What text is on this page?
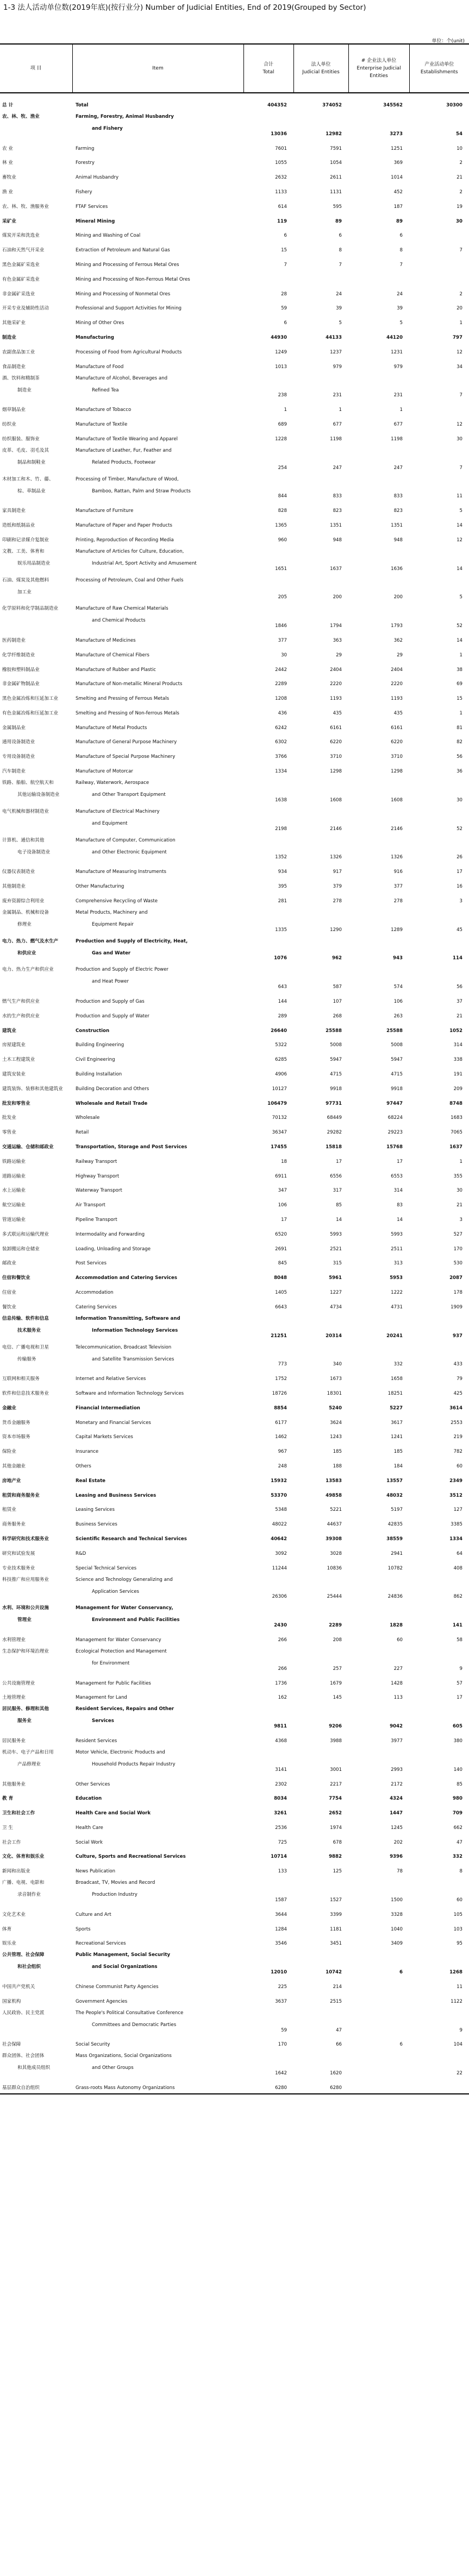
1-3 法人活动单位数(2019年底)(按行业分) Number of Judicial Entities, End of 2019(Grouped by Sector)
单位：个(unit)
项 目	Item	合计
Total	法人单位
Judicial Entities	# 企业法人单位
Enterprise Judicial Entities	产业活动单位
Establishments
总 计	Total	404352	374052	345562	30300
农、林、牧、渔业	Farming, Forestry, Animal Husbandry
and Fishery	13036	12982	3273	54
农 业	Farming	7601	7591	1251	10
林 业	Forestry	1055	1054	369	2
畜牧业	Animal Husbandry	2632	2611	1014	21
渔 业	Fishery	1133	1131	452	2
农、林、牧、渔服务业	FTAF Services	614	595	187	19
采矿业	Mineral Mining	119	89	89	30
煤炭开采和洗选业	Mining and Washing of Coal	6	6	6	
石油和天然气开采业	Extraction of Petroleum and Natural Gas	15	8	8	7
黑色金属矿采选业	Mining and Processing of Ferrous Metal Ores	7	7	7	
有色金属矿采选业	Mining and Processing of Non-Ferrous Metal Ores				
非金属矿采选业	Mining and Processing of Nonmetal Ores	28	24	24	2
开采专业及辅助性活动	Professional and Support Activities for Mining	59	39	39	20
其他采矿业	Mining of Other Ores	6	5	5	1
制造业	Manufacturing	44930	44133	44120	797
农副食品加工业	Processing of Food from Agricultural Products	1249	1237	1231	12
食品制造业	Manufacture of Food	1013	979	979	34
酒、饮料和精制茶
制造业	Manufacture of Alcohol, Beverages and
Refined Tea	238	231	231	7
烟草制品业	Manufacture of Tobacco	1	1	1	
纺织业	Manufacture of Textile	689	677	677	12
纺织服装、服饰业	Manufacture of Textile Wearing and Apparel	1228	1198	1198	30
皮革、毛皮、羽毛及其
制品和制鞋业	Manufacture of Leather, Fur, Feather and
Related Products, Footwear	254	247	247	7
木材加工和木、竹、藤、
棕、草制品业	Processing of Timber, Manufacture of Wood,
Bamboo, Rattan, Palm and Straw Products	844	833	833	11
家具制造业	Manufacture of Furniture	828	823	823	5
造纸和纸制品业	Manufacture of Paper and Paper Products	1365	1351	1351	14
印刷和记录媒介复制业	Printing, Reproduction of Recording Media	960	948	948	12
文教、工美、体育和
娱乐用品制造业	Manufacture of Articles for Culture, Education,
Industrial Art, Sport Activity and Amusement	1651	1637	1636	14
石油、煤炭及其他燃料
加工业	Processing of Petroleum, Coal and Other Fuels	205	200	200	5
化学原料和化学制品制造业	Manufacture of Raw Chemical Materials
and Chemical Products	1846	1794	1793	52
医药制造业	Manufacture of Medicines	377	363	362	14
化学纤维制造业	Manufacture of Chemical Fibers	30	29	29	1
橡胶和塑料制品业	Manufacture of Rubber and Plastic	2442	2404	2404	38
非金属矿物制品业	Manufacture of Non-metallic Mineral Products	2289	2220	2220	69
黑色金属冶炼和压延加工业	Smelting and Pressing of Ferrous Metals	1208	1193	1193	15
有色金属冶炼和压延加工业	Smelting and Pressing of Non-ferrous Metals	436	435	435	1
金属制品业	Manufacture of Metal Products	6242	6161	6161	81
通用设备制造业	Manufacture of General Purpose Machinery	6302	6220	6220	82
专用设备制造业	Manufacture of Special Purpose Machinery	3766	3710	3710	56
汽车制造业	Manufacture of Motorcar	1334	1298	1298	36
铁路、船舶、航空航天和
其他运输设备制造业	Railway, Waterwork, Aerospace
and Other Transport Equipment	1638	1608	1608	30
电气机械和器材制造业	Manufacture of Electrical Machinery
and Equipment	2198	2146	2146	52
计算机、通信和其他
电子设备制造业	Manufacture of Computer, Communication
and Other Electronic Equipment	1352	1326	1326	26
仪器仪表制造业	Manufacture of Measuring Instruments	934	917	916	17
其他制造业	Other Manufacturing	395	379	377	16
废弃资源综合利用业	Comprehensive Recycling of Waste	281	278	278	3
金属制品、机械和设备
修理业	Metal Products, Machinery and
Equipment Repair	1335	1290	1289	45
电力、热力、燃气及水生产
和供应业	Production and Supply of Electricity, Heat,
Gas and Water	1076	962	943	114
电力、热力生产和供应业	Production and Supply of Electric Power
and Heat Power	643	587	574	56
燃气生产和供应业	Production and Supply of Gas	144	107	106	37
水的生产和供应业	Production and Supply of Water	289	268	263	21
建筑业	Construction	26640	25588	25588	1052
房屋建筑业	Building Engineering	5322	5008	5008	314
土木工程建筑业	Civil Engineering	6285	5947	5947	338
建筑安装业	Building Installation	4906	4715	4715	191
建筑装饰、装修和其他建筑业	Building Decoration and Others	10127	9918	9918	209
批发和零售业	Wholesale and Retail Trade	106479	97731	97447	8748
批发业	Wholesale	70132	68449	68224	1683
零售业	Retail	36347	29282	29223	7065
交通运输、仓储和邮政业	Transportation, Storage and Post Services	17455	15818	15768	1637
铁路运输业	Railway Transport	18	17	17	1
道路运输业	Highway Transport	6911	6556	6553	355
水上运输业	Waterway Transport	347	317	314	30
航空运输业	Air Transport	106	85	83	21
管道运输业	Pipeline Transport	17	14	14	3
多式联运和运输代理业	Intermodality and Forwarding	6520	5993	5993	527
装卸搬运和仓储业	Loading, Unloading and Storage	2691	2521	2511	170
邮政业	Post Services	845	315	313	530
住宿和餐饮业	Accommodation and Catering Services	8048	5961	5953	2087
住宿业	Accommodation	1405	1227	1222	178
餐饮业	Catering Services	6643	4734	4731	1909
信息传输、软件和信息
技术服务业	Information Transmitting, Software and
Information Technology Services	21251	20314	20241	937
电信、广播电视和卫星
传输服务	Telecommunication, Broadcast Television
and Satellite Transmission Services	773	340	332	433
互联网和相关服务	Internet and Relative Services	1752	1673	1658	79
软件和信息技术服务业	Software and Information Technology Services	18726	18301	18251	425
金融业	Financial Intermediation	8854	5240	5227	3614
货币金融服务	Monetary and Financial Services	6177	3624	3617	2553
资本市场服务	Capital Markets Services	1462	1243	1241	219
保险业	Insurance	967	185	185	782
其他金融业	Others	248	188	184	60
房地产业	Real Estate	15932	13583	13557	2349
租赁和商务服务业	Leasing and Business Services	53370	49858	48032	3512
租赁业	Leasing Services	5348	5221	5197	127
商务服务业	Business Services	48022	44637	42835	3385
科学研究和技术服务业	Scientific Research and Technical Services	40642	39308	38559	1334
研究和试验发展	R&D	3092	3028	2941	64
专业技术服务业	Special Technical Services	11244	10836	10782	408
科技推广和应用服务业	Science and Technology Generalizing and
Application Services	26306	25444	24836	862
水利、环境和公共设施
管理业	Management for Water Conservancy,
Environment and Public Facilities	2430	2289	1828	141
水利管理业	Management for Water Conservancy	266	208	60	58
生态保护和环境治理业	Ecological Protection and Management
for Environment	266	257	227	9
公共设施管理业	Management for Public Facilities	1736	1679	1428	57
土地管理业	Management for Land	162	145	113	17
居民服务、修理和其他
服务业	Resident Services, Repairs and Other
Services	9811	9206	9042	605
居民服务业	Resident Services	4368	3988	3977	380
机动车、电子产品和日用
产品修理业	Motor Vehicle, Electronic Products and
Household Products Repair Industry	3141	3001	2993	140
其他服务业	Other Services	2302	2217	2172	85
教 育	Education	8034	7754	4324	980
卫生和社会工作	Health Care and Social Work	3261	2652	1447	709
卫 生	Health Care	2536	1974	1245	662
社会工作	Social Work	725	678	202	47
文化、体育和娱乐业	Culture, Sports and Recreational Services	10714	9882	9396	332
新闻和出版业	News Publication	133	125	78	8
广播、电视、电影和
录音制作业	Broadcast, TV, Movies and Record
Production Industry	1587	1527	1500	60
文化艺术业	Culture and Art	3644	3399	3328	105
体育	Sports	1284	1181	1040	103
娱乐业	Recreational Services	3546	3451	3409	95
公共管理、社会保障
和社会组织	Public Management, Social Security
and Social Organizations	12010	10742	6	1268
中国共产党机关	Chinese Communist Party Agencies	225	214		11
国家机构	Government Agencies	3637	2515		1122
人民政协、民主党派	The People's Political Consultative Conference
Committees and Democratic Parties	59	47		9
社会保障	Social Security	170	66	6	104
群众团体、社会团体
和其他成员组织	Mass Organizations, Social Organizations
and Other Groups	1642	1620		22
基层群众自治组织	Grass-roots Mass Autonomy Organizations	6280	6280		
